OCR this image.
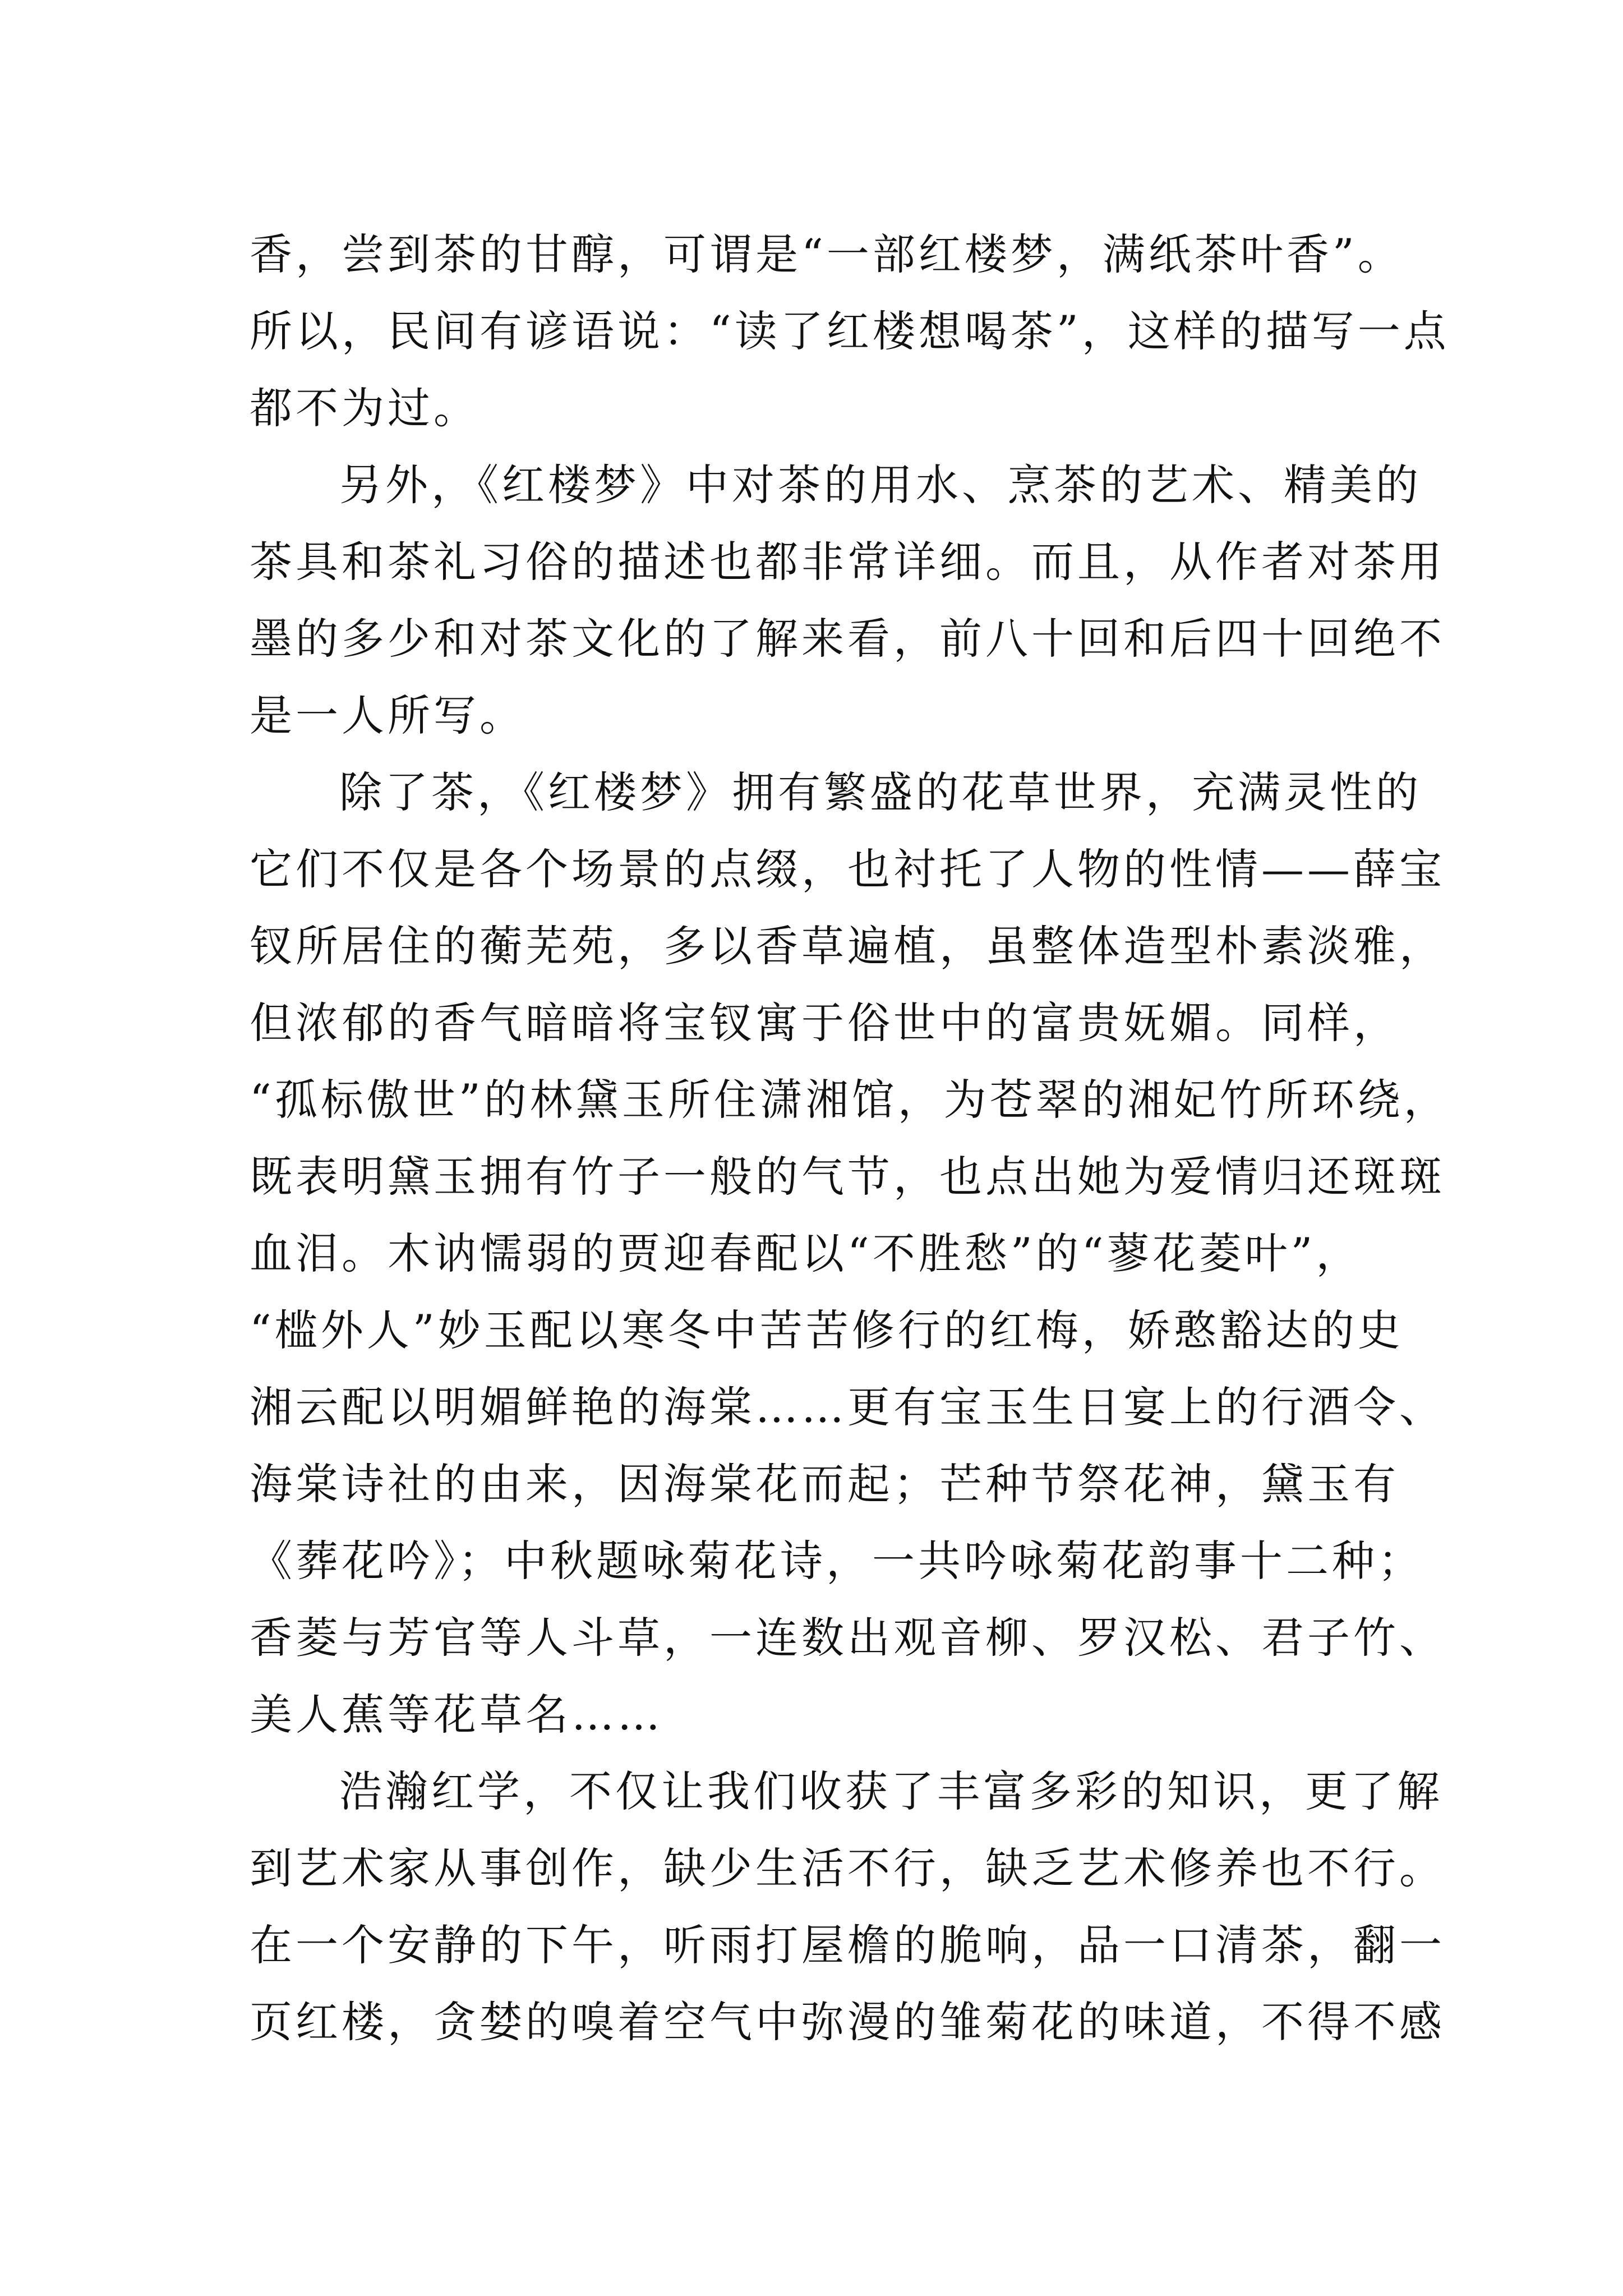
香，尝到茶的甘醇，可谓是“一部红楼梦，满纸茶叶香”。
所以，民间有谚语说：“读了红楼想喝茶”，这样的描写一点
都不为过。
另外，《红楼梦》中对茶的用水、烹茶的艺术、精美的
茶具和茶礼习俗的描述也都非常详细。而且，从作者对茶用
墨的多少和对茶文化的了解来看，前八十回和后四十回绝不
是一人所写。
除了茶，《红楼梦》拥有繁盛的花草世界，充满灵性的
它们不仅是各个场景的点缀，也衬托了人物的性情——薛宝
钗所居住的蘅芜苑，多以香草遍植，虽整体造型朴素淡雅，
但浓郁的香气暗暗将宝钗寓于俗世中的富贵妩媚。同样，
“孤标傲世”的林黛玉所住潇湘馆，为苍翠的湘妃竹所环绕，
既表明黛玉拥有竹子一般的气节，也点出她为爱情归还斑斑
血泪。木讷懦弱的贾迎春配以“不胜愁”的“蓼花菱叶”，
“槛外人”妙玉配以寒冬中苦苦修行的红梅，娇憨豁达的史
湘云配以明媚鲜艳的海棠……更有宝玉生日宴上的行酒令、
海棠诗社的由来，因海棠花而起；芒种节祭花神，黛玉有
《葬花吟》；中秋题咏菊花诗，一共吟咏菊花韵事十二种；
香菱与芳官等人斗草，一连数出观音柳、罗汉松、君子竹、
美人蕉等花草名……
浩瀚红学，不仅让我们收获了丰富多彩的知识，更了解
到艺术家从事创作，缺少生活不行，缺乏艺术修养也不行。
在一个安静的下午，听雨打屋檐的脆响，品一口清茶，翻一
页红楼，贪婪的嗅着空气中弥漫的雏菊花的味道，不得不感
